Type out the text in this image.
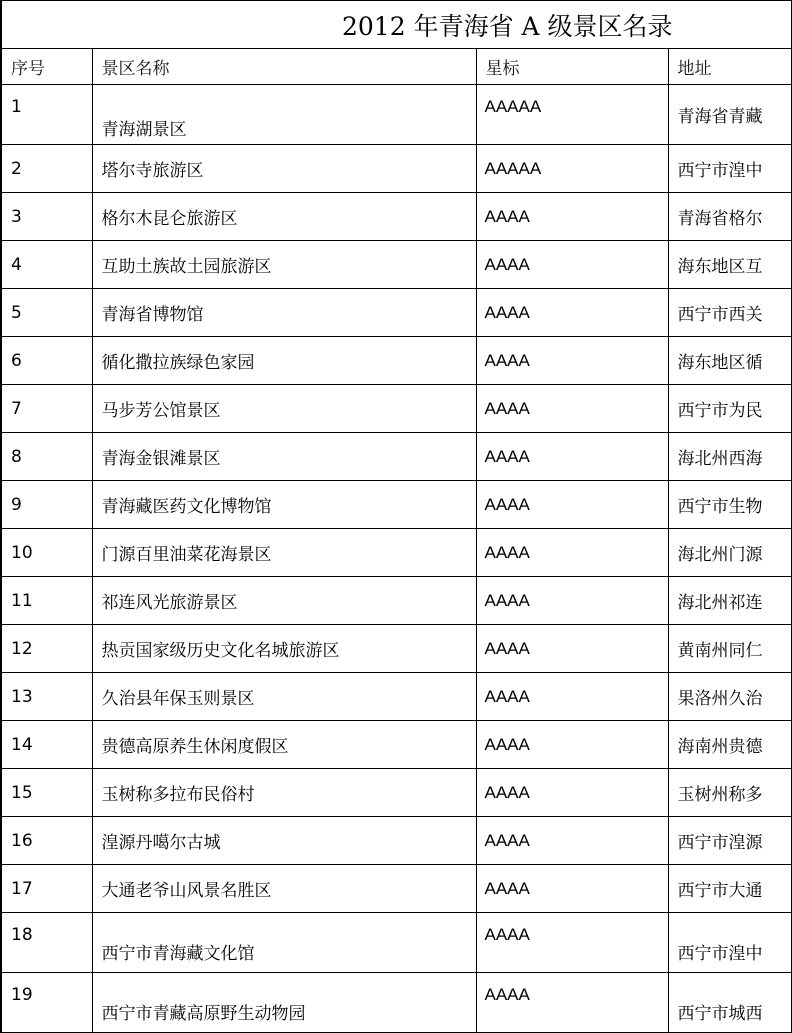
2012 年青海省 A 级景区名录			
序号	景区名称	星标	地址
1	青海湖景区	AAAAA	青海省青藏
2	塔尔寺旅游区	AAAAA	西宁市湟中
3	格尔木昆仑旅游区	AAAA	青海省格尔
4	互助土族故土园旅游区	AAAA	海东地区互
5	青海省博物馆	AAAA	西宁市西关
6	循化撒拉族绿色家园	AAAA	海东地区循
7	马步芳公馆景区	AAAA	西宁市为民
8	青海金银滩景区	AAAA	海北州西海
9	青海藏医药文化博物馆	AAAA	西宁市生物
10	门源百里油菜花海景区	AAAA	海北州门源
11	祁连风光旅游景区	AAAA	海北州祁连
12	热贡国家级历史文化名城旅游区	AAAA	黄南州同仁
13	久治县年保玉则景区	AAAA	果洛州久治
14	贵德高原养生休闲度假区	AAAA	海南州贵德
15	玉树称多拉布民俗村	AAAA	玉树州称多
16	湟源丹噶尔古城	AAAA	西宁市湟源
17	大通老爷山风景名胜区	AAAA	西宁市大通
18	西宁市青海藏文化馆	AAAA	西宁市湟中
19	西宁市青藏高原野生动物园	AAAA	西宁市城西
